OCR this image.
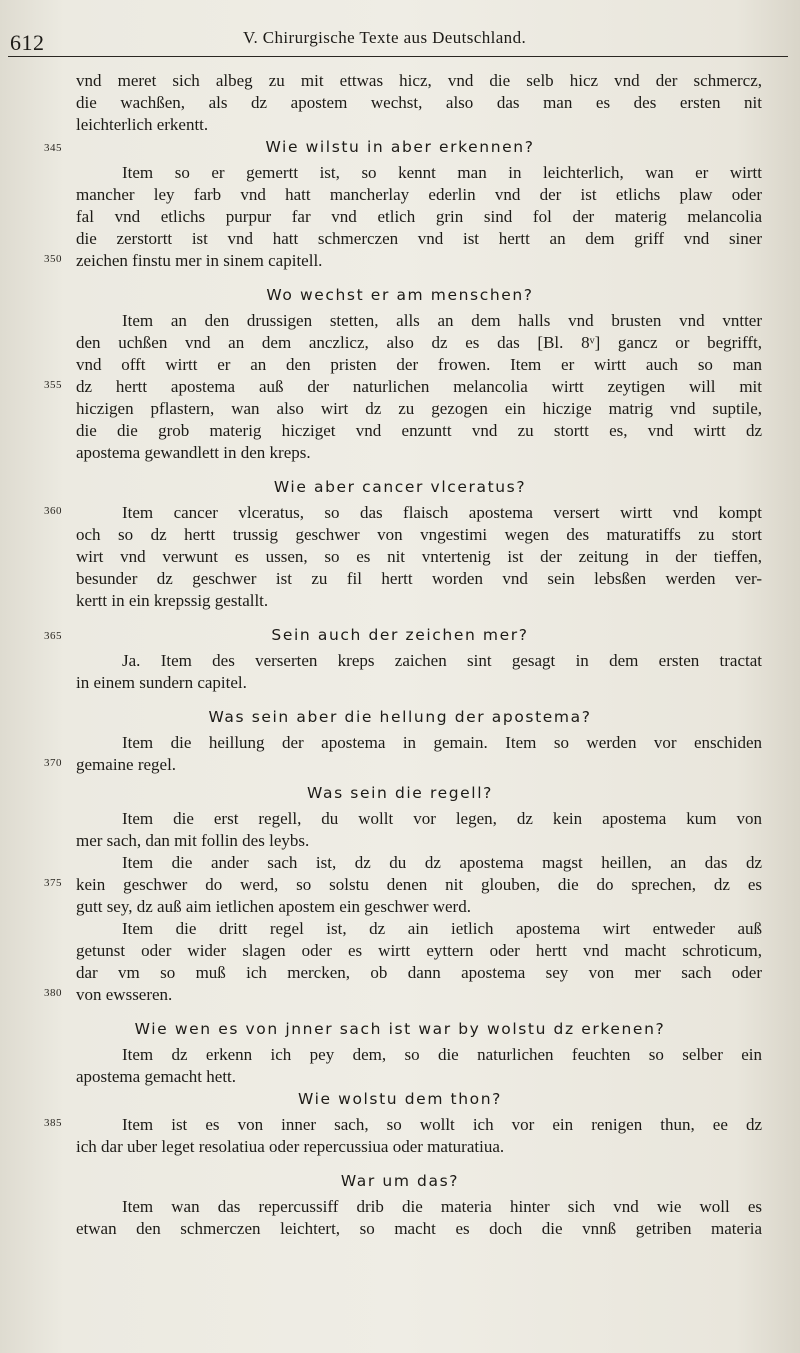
612	V. Chirurgische Texte aus Deutschland.
vnd meret sich albeg zu mit ettwas hicz, vnd die selb hicz vnd der schmercz,
die wachßen, als dz apostem wechst, also das man es des ersten nit
leichterlich erkentt.
345	Wie wilstu in aber erkennen?
Item so er gemertt ist, so kennt man in leichterlich, wan er wirtt
mancher ley farb vnd hatt mancherlay ederlin vnd der ist etlichs plaw oder
fal vnd etlichs purpur far vnd etlich grin sind fol der materig melancolia
die zerstortt ist vnd hatt schmerczen vnd ist hertt an dem griff vnd siner
350 zeichen finstu mer in sinem capitell.
Wo wechst er am menschen?
Item an den drussigen stetten, alls an dem halls vnd brusten vnd vntter
den uchßen vnd an dem anczlicz, also dz es das [Bl. 8ᵛ] gancz or begrifft,
vnd offt wirtt er an den pristen der frowen. Item er wirtt auch so man
355 dz hertt apostema auß der naturlichen melancolia wirtt zeytigen will mit
hiczigen pflastern, wan also wirt dz zu gezogen ein hiczige matrig vnd suptile,
die die grob materig hicziget vnd enzuntt vnd zu stortt es, vnd wirtt dz
apostema gewandlett in den kreps.
Wie aber cancer vlceratus?
360	Item cancer vlceratus, so das flaisch apostema versert wirtt vnd kompt
och so dz hertt trussig geschwer von vngestimi wegen des maturatiffs zu stort
wirt vnd verwunt es ussen, so es nit vntertenig ist der zeitung in der tieffen,
besunder dz geschwer ist zu fil hertt worden vnd sein lebsßen werden ver-
kertt in ein krepssig gestallt.
365	Sein auch der zeichen mer?
Ja. Item des verserten kreps zaichen sint gesagt in dem ersten tractat
in einem sundern capitel.
Was sein aber die hellung der apostema?
Item die heillung der apostema in gemain. Item so werden vor enschiden
370 gemaine regel.
Was sein die regell?
Item die erst regell, du wollt vor legen, dz kein apostema kum von
mer sach, dan mit follin des leybs.
Item die ander sach ist, dz du dz apostema magst heillen, an das dz
375 kein geschwer do werd, so solstu denen nit glouben, die do sprechen, dz es
gutt sey, dz auß aim ietlichen apostem ein geschwer werd.
Item die dritt regel ist, dz ain ietlich apostema wirt entweder auß
getunst oder wider slagen oder es wirtt eyttern oder hertt vnd macht schroticum,
dar vm so muß ich mercken, ob dann apostema sey von mer sach oder
380 von ewsseren.
Wie wen es von jnner sach ist war by wolstu dz erkenen?
Item dz erkenn ich pey dem, so die naturlichen feuchten so selber ein
apostema gemacht hett.
Wie wolstu dem thon?
385	Item ist es von inner sach, so wollt ich vor ein renigen thun, ee dz
ich dar uber leget resolatiua oder repercussiua oder maturatiua.
War um das?
Item wan das repercussiff drib die materia hinter sich vnd wie woll es
etwan den schmerczen leichtert, so macht es doch die vnnß getriben materia
